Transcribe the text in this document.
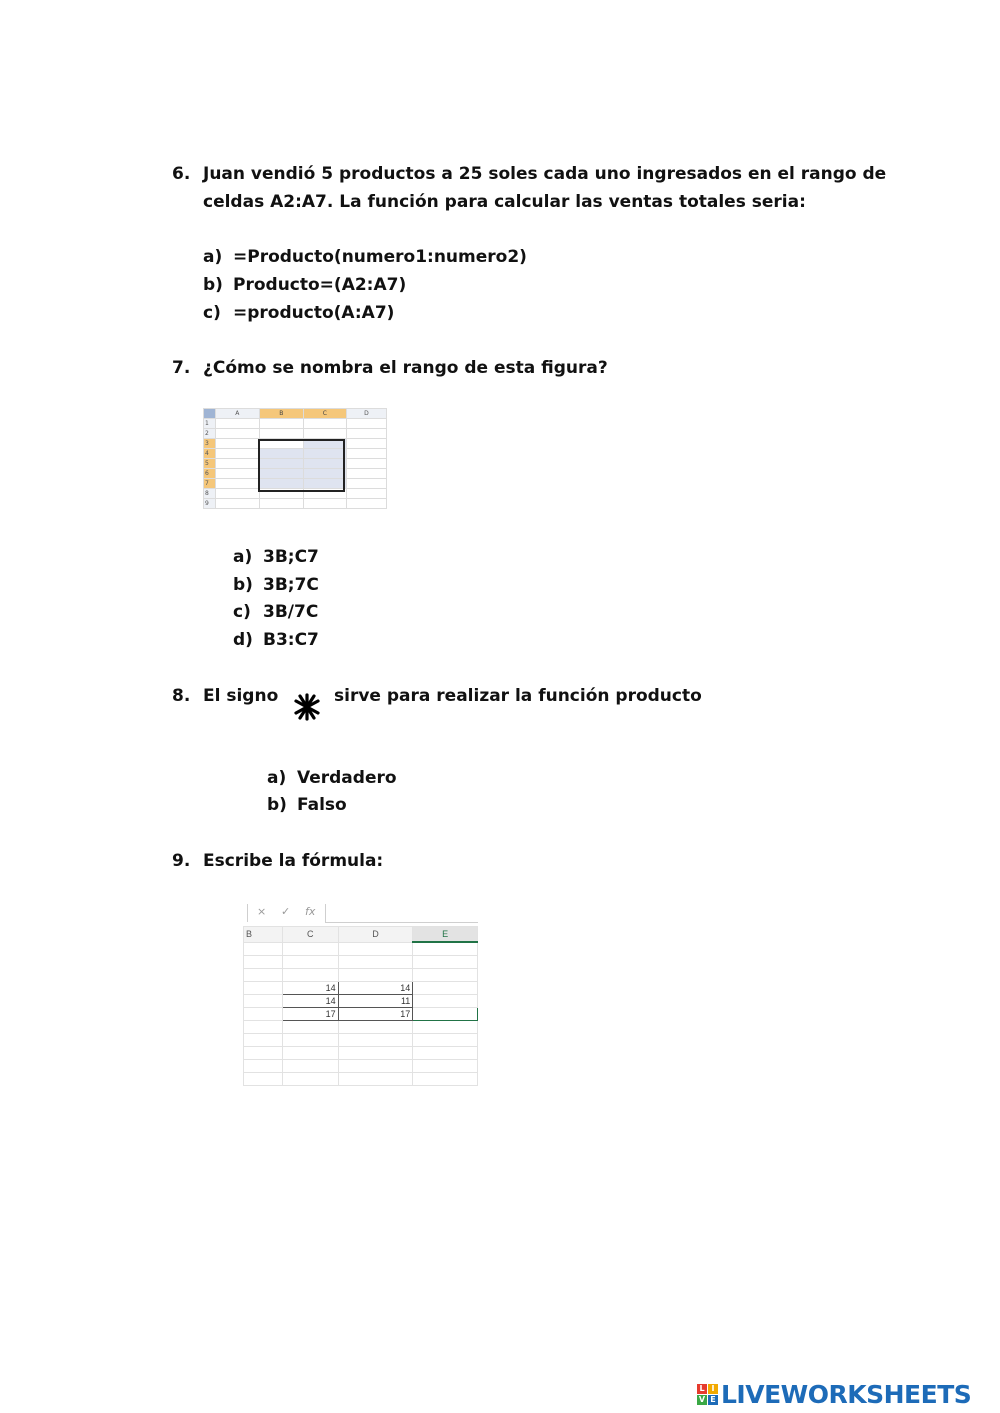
6. Juan vendió 5 productos a 25 soles cada uno ingresados en el rango de
celdas A2:A7. La función para calcular las ventas totales seria:
a) =Producto(numero1:numero2)
b) Producto=(A2:A7)
c) =producto(A:A7)
7. ¿Cómo se nombra el rango de esta figura?
	A	B	C	D
1				
2				
3				
4				
5				
6				
7				
8				
9				
a) 3B;C7
b) 3B;7C
c) 3B/7C
d) B3:C7
8. El signo	sirve para realizar la función producto
a) Verdadero
b) Falso
9. Escribe la fórmula:
× ✓ fx
B	C	D	E

	14	14	
	14	11	
	17	17	

L I
V E LIVEWORKSHEETS
